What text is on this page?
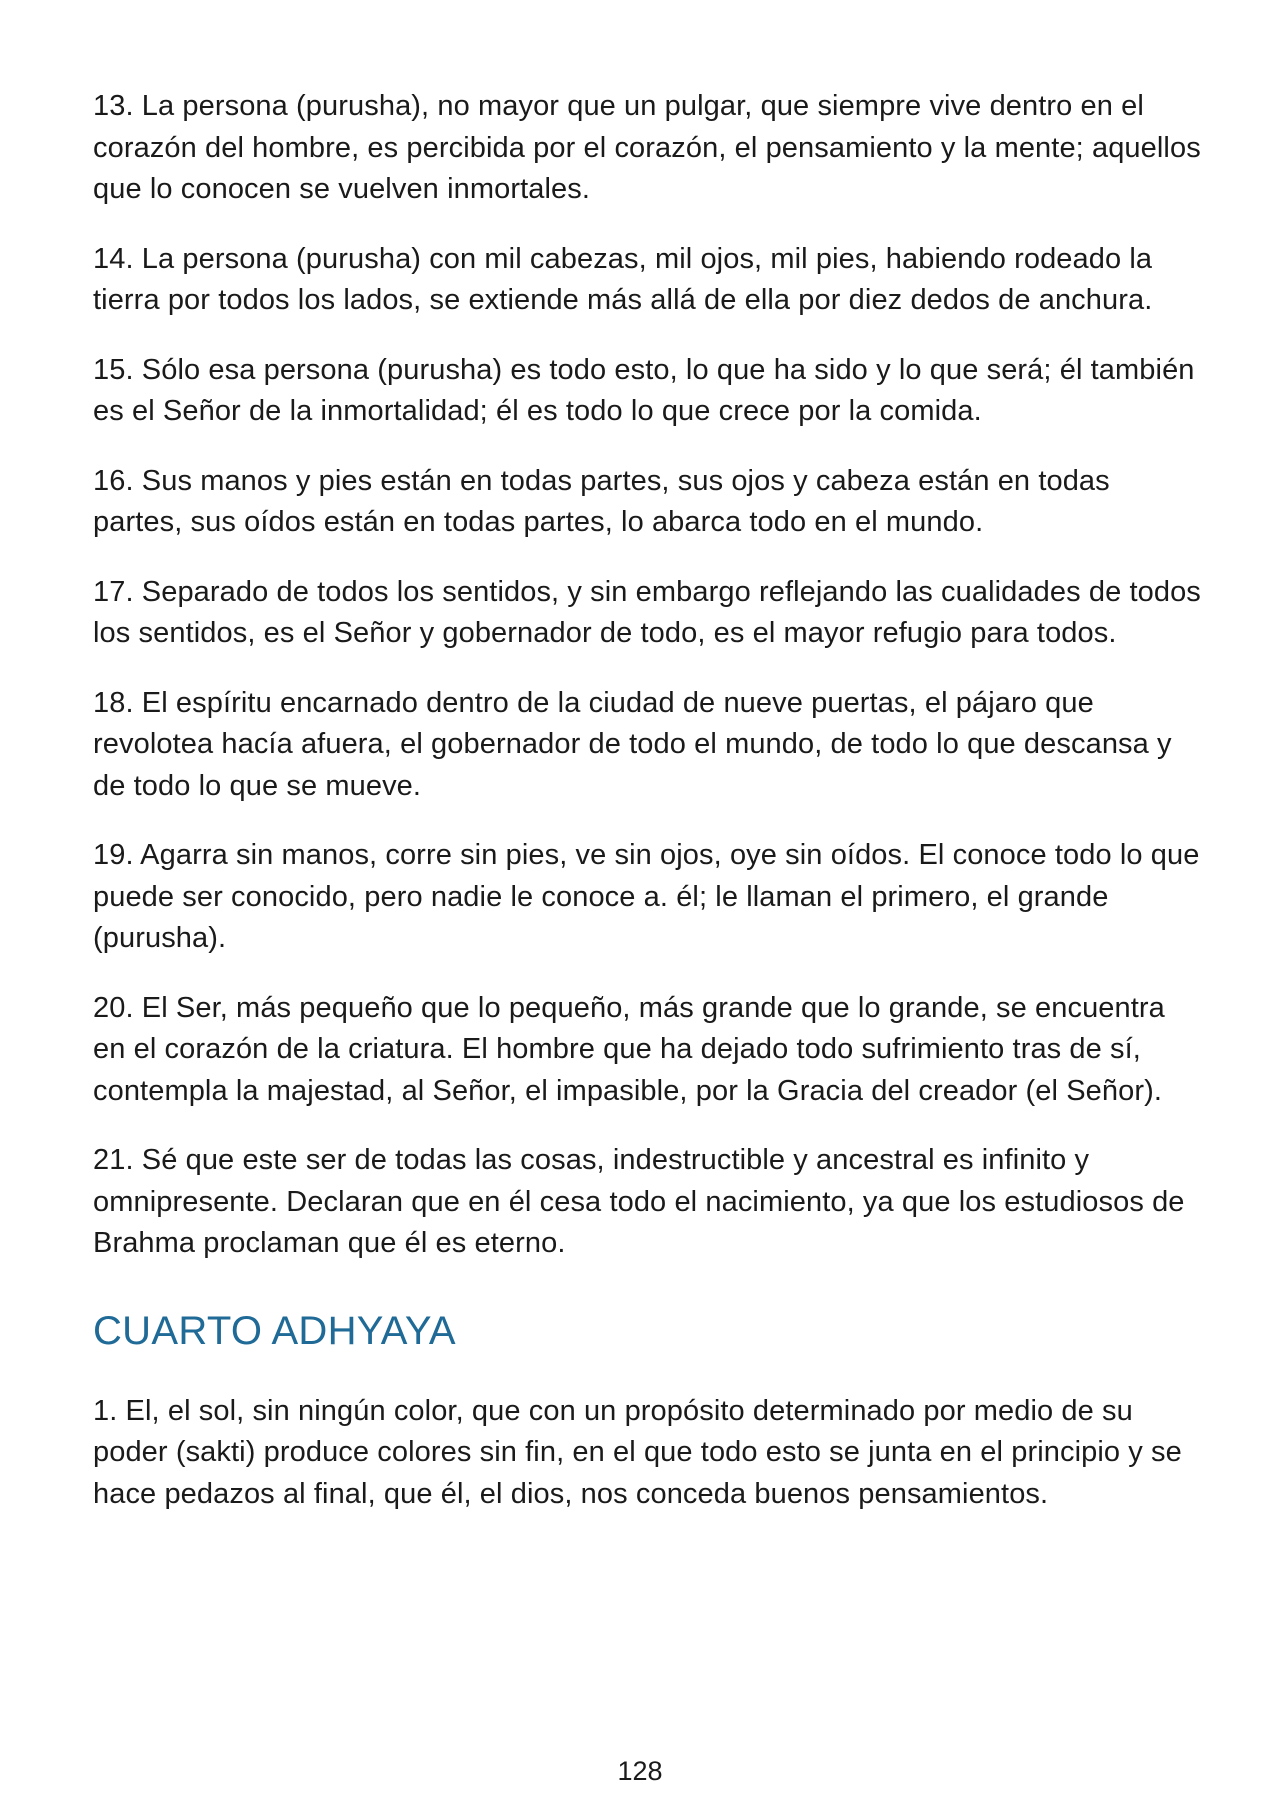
13. La persona (purusha), no mayor que un pulgar, que siempre vive dentro en el corazón del hombre, es percibida por el corazón, el pensamiento y la mente; aquellos que lo conocen se vuelven inmortales.

14. La persona (purusha) con mil cabezas, mil ojos, mil pies, habiendo rodeado la tierra por todos los lados, se extiende más allá de ella por diez dedos de anchura.

15. Sólo esa persona (purusha) es todo esto, lo que ha sido y lo que será; él también es el Señor de la inmortalidad; él es todo lo que crece por la comida.

16. Sus manos y pies están en todas partes, sus ojos y cabeza están en todas partes, sus oídos están en todas partes, lo abarca todo en el mundo.

17. Separado de todos los sentidos, y sin embargo reflejando las cualidades de todos los sentidos, es el Señor y gobernador de todo, es el mayor refugio para todos.

18. El espíritu encarnado dentro de la ciudad de nueve puertas, el pájaro que revolotea hacía afuera, el gobernador de todo el mundo, de todo lo que descansa y de todo lo que se mueve.

19. Agarra sin manos, corre sin pies, ve sin ojos, oye sin oídos. El conoce todo lo que puede ser conocido, pero nadie le conoce a. él; le llaman el primero, el grande (purusha).

20. El Ser, más pequeño que lo pequeño, más grande que lo grande, se encuentra en el corazón de la criatura. El hombre que ha dejado todo sufrimiento tras de sí, contempla la majestad, al Señor, el impasible, por la Gracia del creador (el Señor).

21. Sé que este ser de todas las cosas, indestructible y ancestral es infinito y omnipresente. Declaran que en él cesa todo el nacimiento, ya que los estudiosos de Brahma proclaman que él es eterno.

CUARTO ADHYAYA

1. El, el sol, sin ningún color, que con un propósito determinado por medio de su poder (sakti) produce colores sin fin, en el que todo esto se junta en el principio y se hace pedazos al final, que él, el dios, nos conceda buenos pensamientos.

128
